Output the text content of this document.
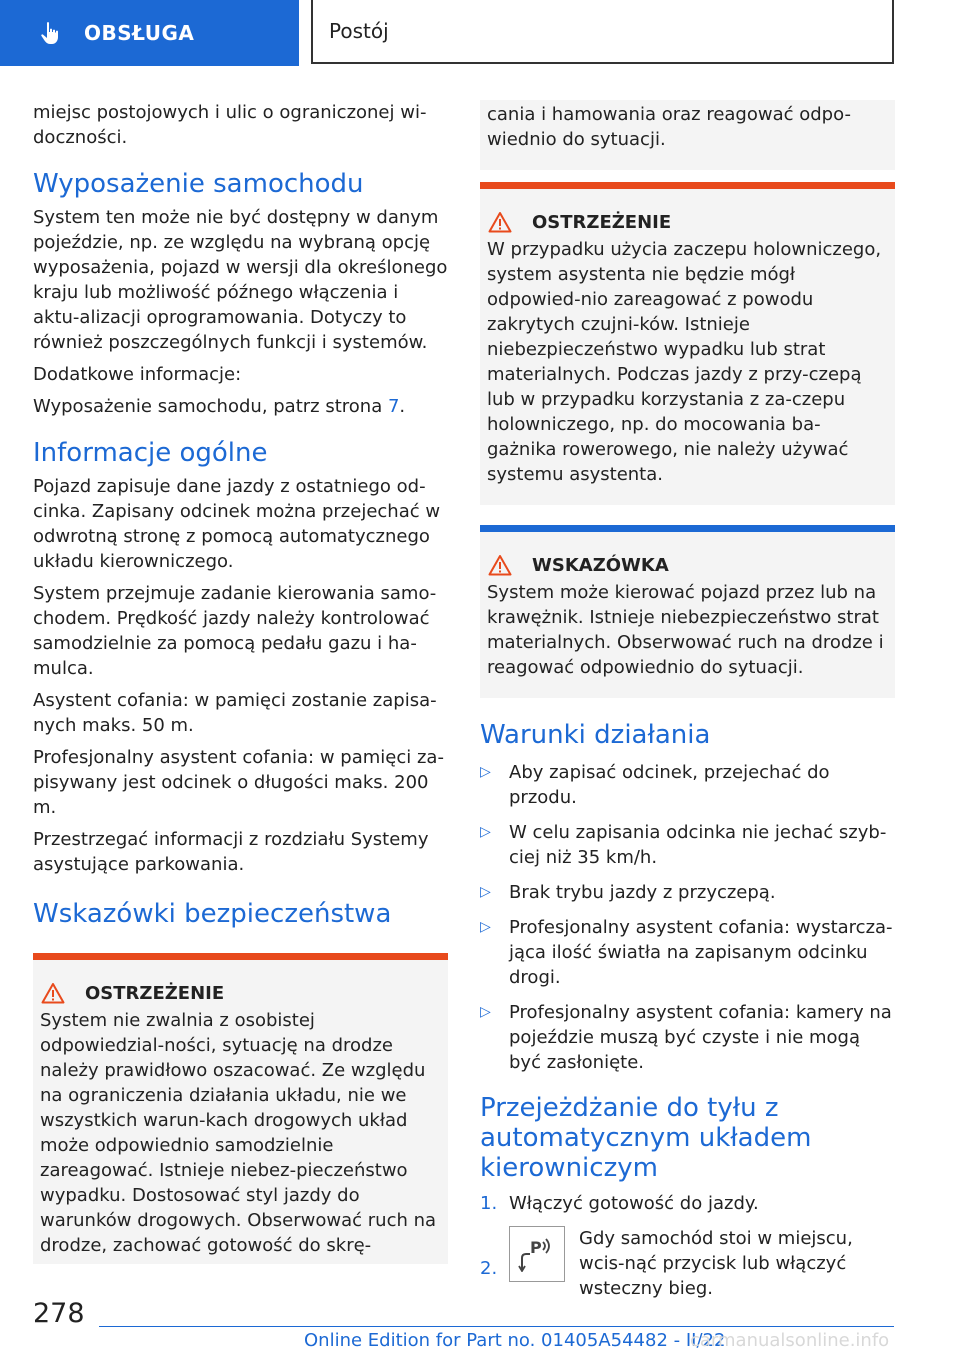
OBSŁUGA	Postój

miejsc postojowych i ulic o ograniczonej wi-doczności.

Wyposażenie samochodu

System ten może nie być dostępny w danym pojeździe, np. ze względu na wybraną opcję wyposażenia, pojazd w wersji dla określonego kraju lub możliwość późnego włączenia i aktu-alizacji oprogramowania. Dotyczy to również poszczególnych funkcji i systemów.

Dodatkowe informacje:

Wyposażenie samochodu, patrz strona 7.

Informacje ogólne

Pojazd zapisuje dane jazdy z ostatniego od-cinka. Zapisany odcinek można przejechać w odwrotną stronę z pomocą automatycznego układu kierowniczego.

System przejmuje zadanie kierowania samo-chodem. Prędkość jazdy należy kontrolować samodzielnie za pomocą pedału gazu i ha-mulca.

Asystent cofania: w pamięci zostanie zapisa-nych maks. 50 m.

Profesjonalny asystent cofania: w pamięci za-pisywany jest odcinek o długości maks. 200 m.

Przestrzegać informacji z rozdziału Systemy asystujące parkowania.

Wskazówki bezpieczeństwa
OSTRZEŻENIE

System nie zwalnia z osobistej odpowiedzial-ności, sytuację na drodze należy prawidłowo oszacować. Ze względu na ograniczenia działania układu, nie we wszystkich warun-kach drogowych układ może odpowiednio samodzielnie zareagować. Istnieje niebez-pieczeństwo wypadku. Dostosować styl jazdy do warunków drogowych. Obserwować ruch na drodze, zachować gotowość do skrę-

cania i hamowania oraz reagować odpo-wiednio do sytuacji.

OSTRZEŻENIE

W przypadku użycia zaczepu holowniczego, system asystenta nie będzie mógł odpowied-nio zareagować z powodu zakrytych czujni-ków. Istnieje niebezpieczeństwo wypadku lub strat materialnych. Podczas jazdy z przy-czepą lub w przypadku korzystania z za-czepu holowniczego, np. do mocowania ba-gażnika rowerowego, nie należy używać systemu asystenta.

WSKAZÓWKA

System może kierować pojazd przez lub na krawężnik. Istnieje niebezpieczeństwo strat materialnych. Obserwować ruch na drodze i reagować odpowiednio do sytuacji.

Warunki działania
▷	Aby zapisać odcinek, przejechać do przodu.
▷	W celu zapisania odcinka nie jechać szyb-ciej niż 35 km/h.
▷	Brak trybu jazdy z przyczepą.
▷	Profesjonalny asystent cofania: wystarcza-jąca ilość światła na zapisanym odcinku drogi.
▷	Profesjonalny asystent cofania: kamery na pojeździe muszą być czyste i nie mogą być zasłonięte.
Przejeżdżanie do tyłu z automatycznym układem kierowniczym
1. Włączyć gotowość do jazdy.
2.
P Gdy samochód stoi w miejscu, wcis-nąć przycisk lub włączyć wsteczny bieg.
278
Online Edition for Part no. 01405A54482 - II/22
carmanualsonline.info
